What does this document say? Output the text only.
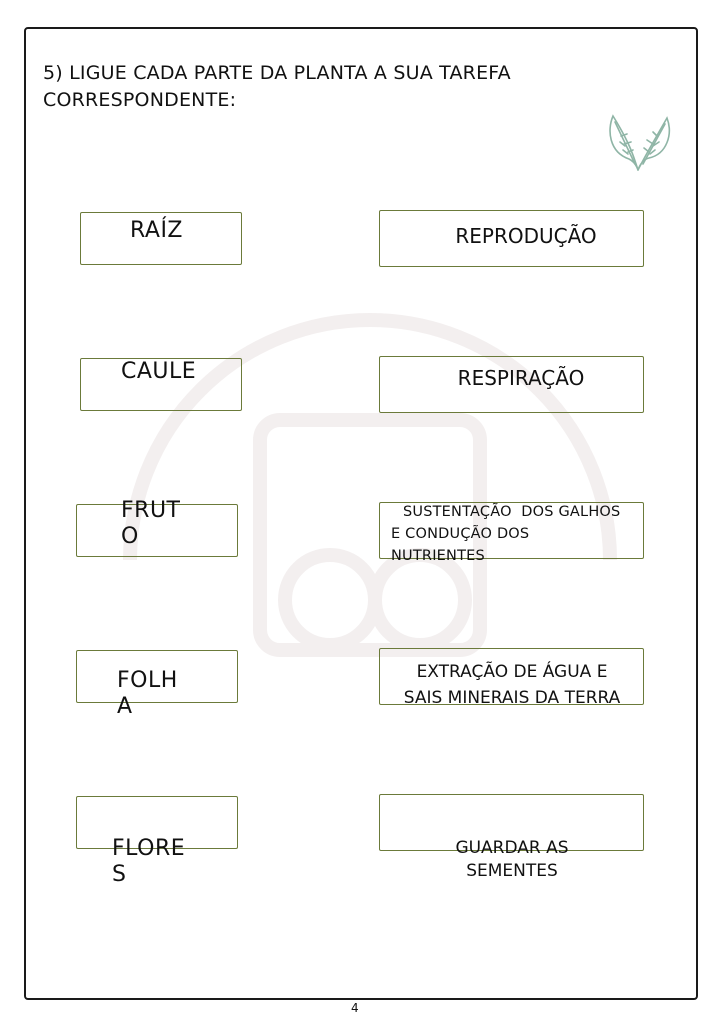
5) LIGUE CADA PARTE DA PLANTA A SUA TAREFA CORRESPONDENTE:
RAÍZ
CAULE
FRUTO
FOLHA
FLORES
REPRODUÇÃO
RESPIRAÇÃO
SUSTENTAÇÃO  DOS GALHOS E CONDUÇÃO DOS NUTRIENTES
EXTRAÇÃO DE ÁGUA E SAIS MINERAIS DA TERRA
GUARDAR AS SEMENTES
4
